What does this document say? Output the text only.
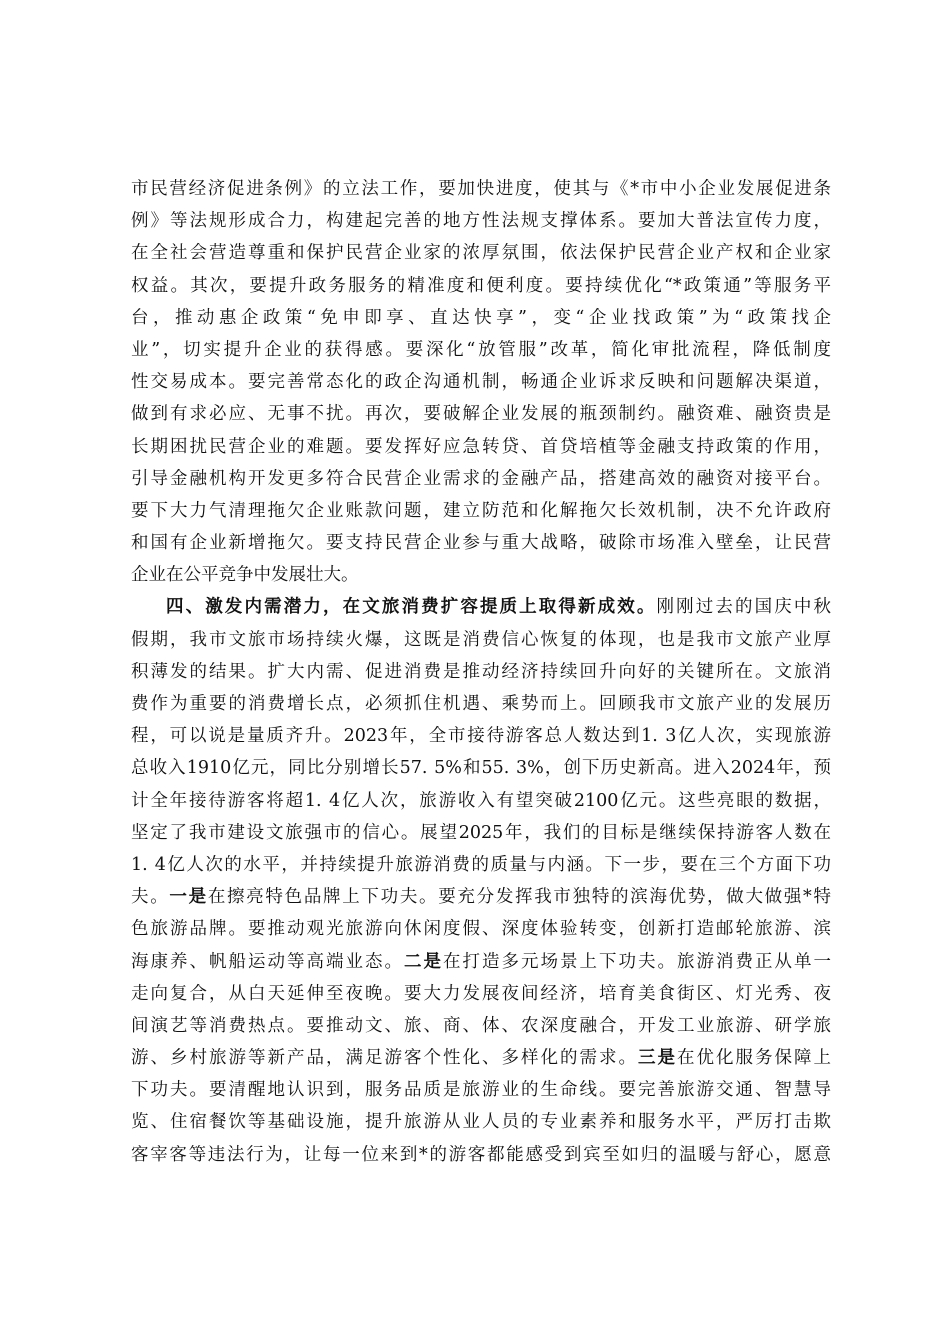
市民营经济促进条例》的立法工作，要加快进度，使其与《*市中小企业发展促进条
例》等法规形成合力，构建起完善的地方性法规支撑体系。要加大普法宣传力度，
在全社会营造尊重和保护民营企业家的浓厚氛围，依法保护民营企业产权和企业家
权益。其次，要提升政务服务的精准度和便利度。要持续优化“*政策通”等服务平
台，推动惠企政策“免申即享、直达快享”，变“企业找政策”为“政策找企
业”，切实提升企业的获得感。要深化“放管服”改革，简化审批流程，降低制度
性交易成本。要完善常态化的政企沟通机制，畅通企业诉求反映和问题解决渠道，
做到有求必应、无事不扰。再次，要破解企业发展的瓶颈制约。融资难、融资贵是
长期困扰民营企业的难题。要发挥好应急转贷、首贷培植等金融支持政策的作用，
引导金融机构开发更多符合民营企业需求的金融产品，搭建高效的融资对接平台。
要下大力气清理拖欠企业账款问题，建立防范和化解拖欠长效机制，决不允许政府
和国有企业新增拖欠。要支持民营企业参与重大战略，破除市场准入壁垒，让民营
企业在公平竞争中发展壮大。
四、激发内需潜力，在文旅消费扩容提质上取得新成效。刚刚过去的国庆中秋
假期，我市文旅市场持续火爆，这既是消费信心恢复的体现，也是我市文旅产业厚
积薄发的结果。扩大内需、促进消费是推动经济持续回升向好的关键所在。文旅消
费作为重要的消费增长点，必须抓住机遇、乘势而上。回顾我市文旅产业的发展历
程，可以说是量质齐升。2023年，全市接待游客总人数达到1. 3亿人次，实现旅游
总收入1910亿元，同比分别增长57. 5%和55. 3%，创下历史新高。进入2024年，预
计全年接待游客将超1. 4亿人次，旅游收入有望突破2100亿元。这些亮眼的数据，
坚定了我市建设文旅强市的信心。展望2025年，我们的目标是继续保持游客人数在
1. 4亿人次的水平，并持续提升旅游消费的质量与内涵。下一步，要在三个方面下功
夫。一是在擦亮特色品牌上下功夫。要充分发挥我市独特的滨海优势，做大做强*特
色旅游品牌。要推动观光旅游向休闲度假、深度体验转变，创新打造邮轮旅游、滨
海康养、帆船运动等高端业态。二是在打造多元场景上下功夫。旅游消费正从单一
走向复合，从白天延伸至夜晚。要大力发展夜间经济，培育美食街区、灯光秀、夜
间演艺等消费热点。要推动文、旅、商、体、农深度融合，开发工业旅游、研学旅
游、乡村旅游等新产品，满足游客个性化、多样化的需求。三是在优化服务保障上
下功夫。要清醒地认识到，服务品质是旅游业的生命线。要完善旅游交通、智慧导
览、住宿餐饮等基础设施，提升旅游从业人员的专业素养和服务水平，严厉打击欺
客宰客等违法行为，让每一位来到*的游客都能感受到宾至如归的温暖与舒心，愿意
